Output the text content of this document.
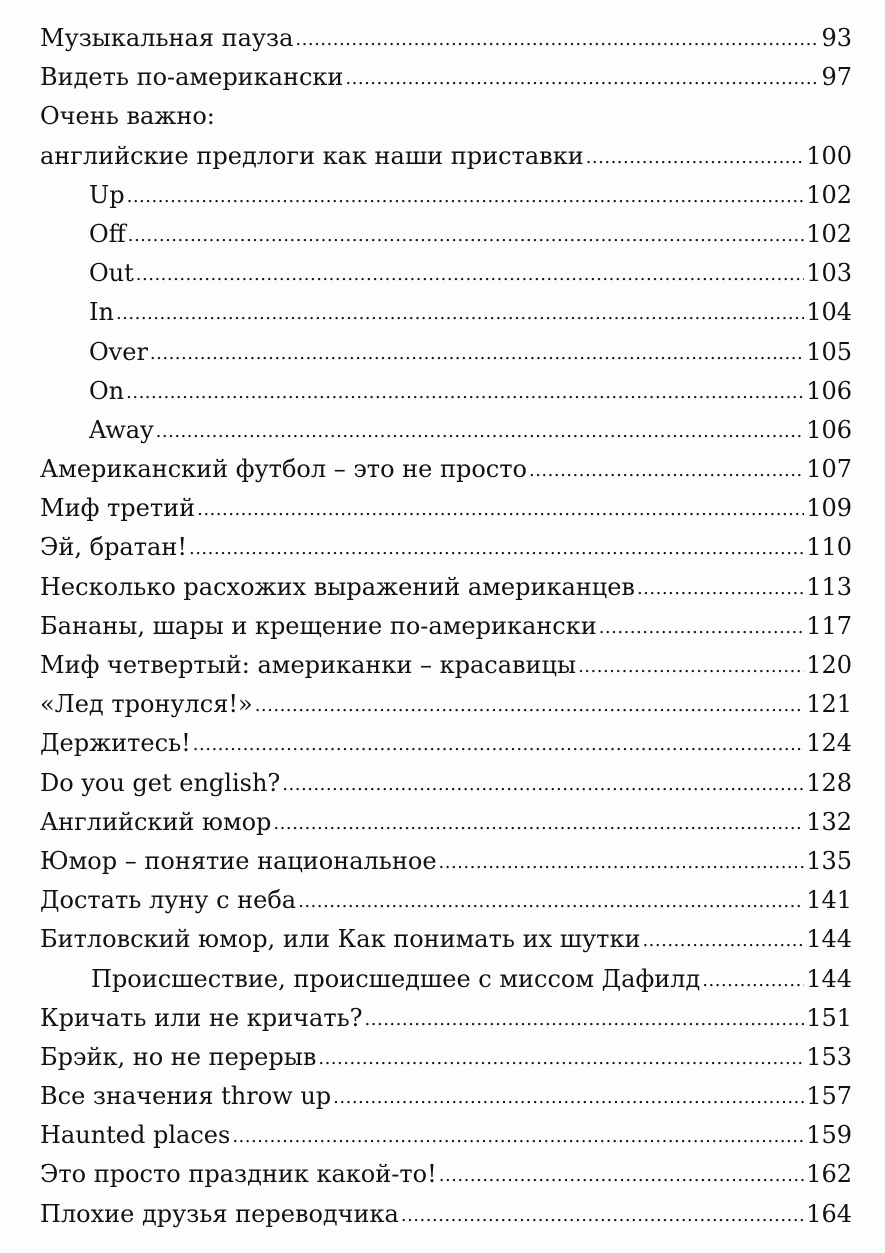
Музыкальная пауза .....	93
Видеть по-американски .....	97
Очень важно:
английские предлоги как наши приставки .....	100
Up .....	102
Off .....	102
Out .....	103
In .....	104
Over .....	105
On .....	106
Away .....	106
Американский футбол – это не просто .....	107
Миф третий .....	109
Эй, братан! .....	110
Несколько расхожих выражений американцев .....	113
Бананы, шары и крещение по-американски .....	117
Миф четвертый: американки – красавицы .....	120
«Лед тронулся!» .....	121
Держитесь! .....	124
Do you get english? .....	128
Английский юмор .....	132
Юмор – понятие национальное .....	135
Достать луну с неба .....	141
Битловский юмор, или Как понимать их шутки .....	144
Происшествие, происшедшее с миссом Дафилд .....	144
Кричать или не кричать? .....	151
Брэйк, но не перерыв .....	153
Все значения throw up .....	157
Haunted places .....	159
Это просто праздник какой-то! .....	162
Плохие друзья переводчика .....	164
